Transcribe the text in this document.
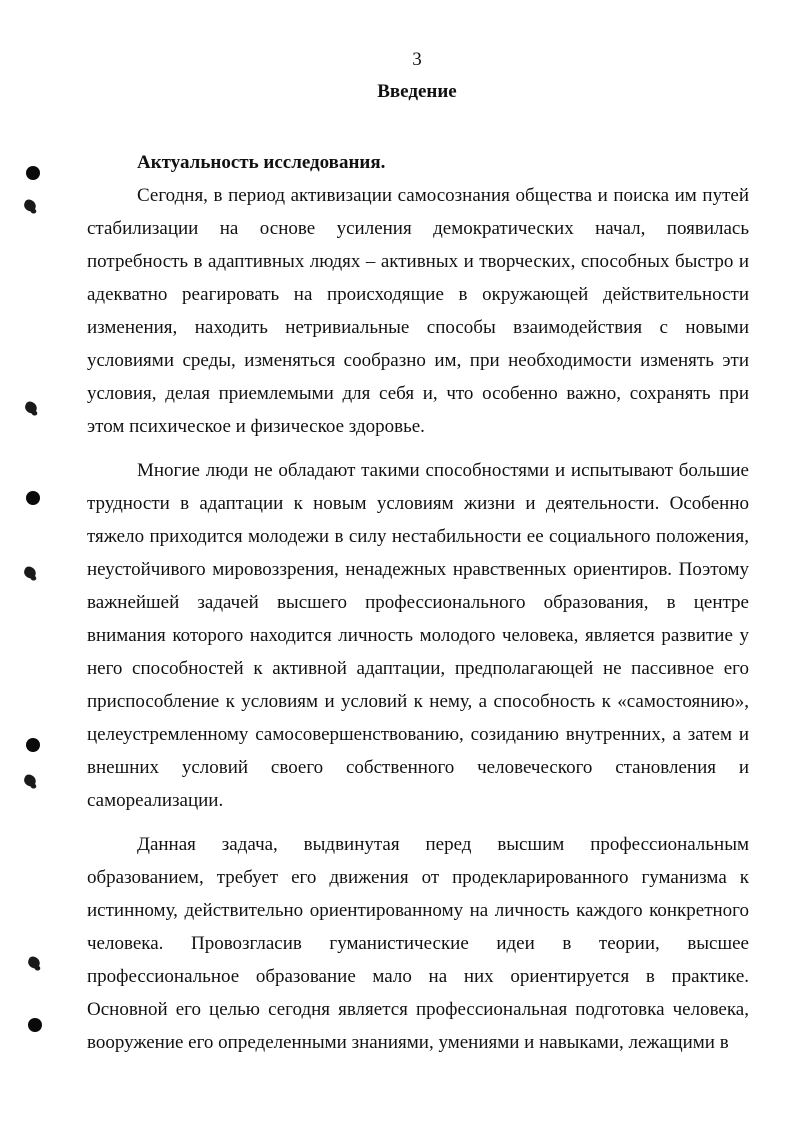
3
Введение

Актуальность исследования.

Сегодня, в период активизации самосознания общества и поиска им путей стабилизации на основе усиления демократических начал, появилась потребность в адаптивных людях – активных и творческих, способных быстро и адекватно реагировать на происходящие в окружающей действительности изменения, находить нетривиальные способы взаимодействия с новыми условиями среды, изменяться сообразно им, при необходимости изменять эти условия, делая приемлемыми для себя и, что особенно важно, сохранять при этом психическое и физическое здоровье.

Многие люди не обладают такими способностями и испытывают большие трудности в адаптации к новым условиям жизни и деятельности. Особенно тяжело приходится молодежи в силу нестабильности ее социального положения, неустойчивого мировоззрения, ненадежных нравственных ориентиров. Поэтому важнейшей задачей высшего профессионального образования, в центре внимания которого находится личность молодого человека, является развитие у него способностей к активной адаптации, предполагающей не пассивное его приспособление к условиям и условий к нему, а способность к «самостоянию», целеустремленному самосовершенствованию, созиданию внутренних, а затем и внешних условий своего собственного человеческого становления и самореализации.

Данная задача, выдвинутая перед высшим профессиональным образованием, требует его движения от продекларированного гуманизма к истинному, действительно ориентированному на личность каждого конкретного человека. Провозгласив гуманистические идеи в теории, высшее профессиональное образование мало на них ориентируется в практике. Основной его целью сегодня является профессиональная подготовка человека, вооружение его определенными знаниями, умениями и навыками, лежащими в
